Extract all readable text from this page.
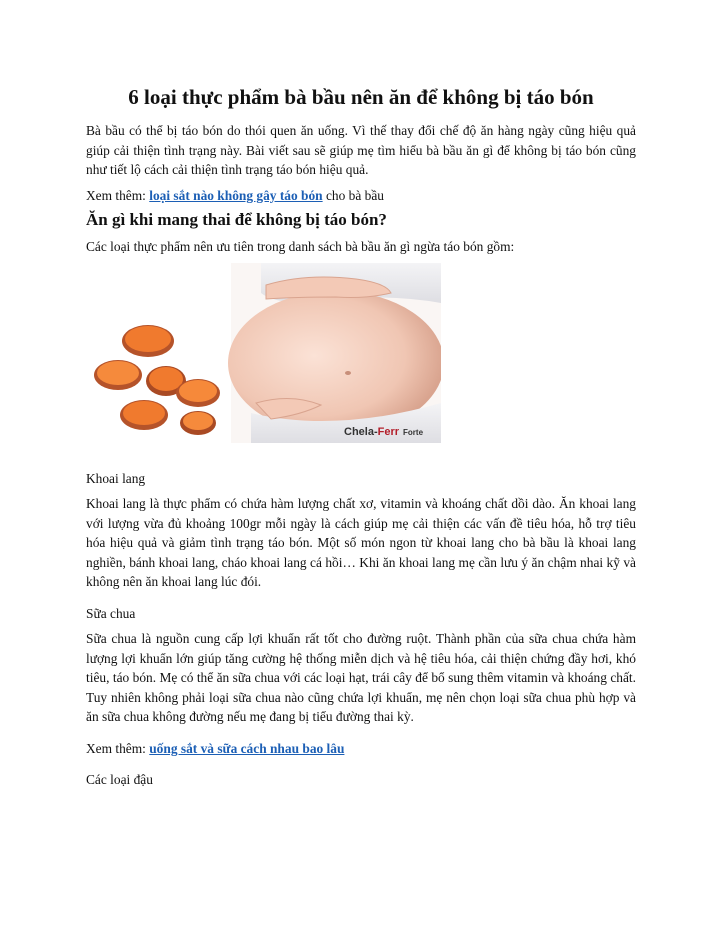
6 loại thực phẩm bà bầu nên ăn để không bị táo bón

Bà bầu có thể bị táo bón do thói quen ăn uống. Vì thế thay đổi chế độ ăn hàng ngày cũng hiệu quả giúp cải thiện tình trạng này. Bài viết sau sẽ giúp mẹ tìm hiểu bà bầu ăn gì để không bị táo bón cũng như tiết lộ cách cải thiện tình trạng táo bón hiệu quả.

Xem thêm: loại sắt nào không gây táo bón cho bà bầu

Ăn gì khi mang thai để không bị táo bón?

Các loại thực phẩm nên ưu tiên trong danh sách bà bầu ăn gì ngừa táo bón gồm:

Chela-Ferr Forte

Khoai lang

Khoai lang là thực phẩm có chứa hàm lượng chất xơ, vitamin và khoáng chất dồi dào. Ăn khoai lang với lượng vừa đủ khoảng 100gr mỗi ngày là cách giúp mẹ cải thiện các vấn đề tiêu hóa, hỗ trợ tiêu hóa hiệu quả và giảm tình trạng táo bón. Một số món ngon từ khoai lang cho bà bầu là khoai lang nghiền, bánh khoai lang, cháo khoai lang cá hồi… Khi ăn khoai lang mẹ cần lưu ý ăn chậm nhai kỹ và không nên ăn khoai lang lúc đói.

Sữa chua

Sữa chua là nguồn cung cấp lợi khuẩn rất tốt cho đường ruột. Thành phần của sữa chua chứa hàm lượng lợi khuẩn lớn giúp tăng cường hệ thống miễn dịch và hệ tiêu hóa, cải thiện chứng đầy hơi, khó tiêu, táo bón. Mẹ có thể ăn sữa chua với các loại hạt, trái cây để bổ sung thêm vitamin và khoáng chất. Tuy nhiên không phải loại sữa chua nào cũng chứa lợi khuẩn, mẹ nên chọn loại sữa chua phù hợp và ăn sữa chua không đường nếu mẹ đang bị tiểu đường thai kỳ.

Xem thêm: uống sắt và sữa cách nhau bao lâu

Các loại đậu
